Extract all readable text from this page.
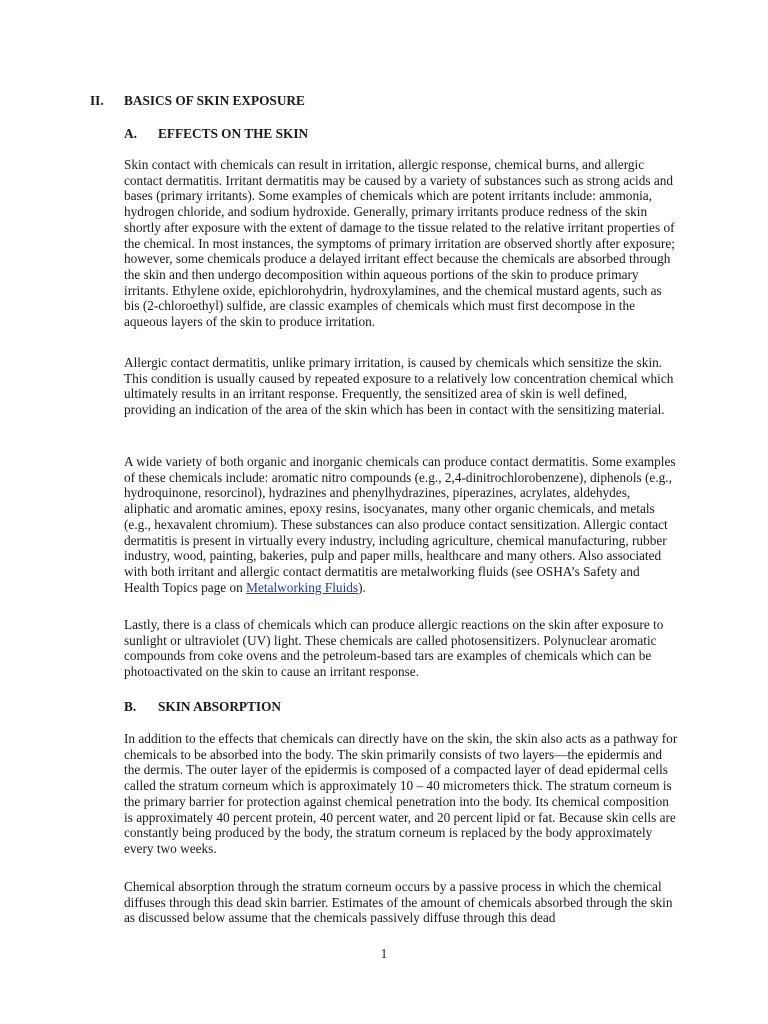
II. BASICS OF SKIN EXPOSURE
A. EFFECTS ON THE SKIN

Skin contact with chemicals can result in irritation, allergic response, chemical burns, and allergic contact dermatitis. Irritant dermatitis may be caused by a variety of substances such as strong acids and bases (primary irritants). Some examples of chemicals which are potent irritants include: ammonia, hydrogen chloride, and sodium hydroxide. Generally, primary irritants produce redness of the skin shortly after exposure with the extent of damage to the tissue related to the relative irritant properties of the chemical. In most instances, the symptoms of primary irritation are observed shortly after exposure; however, some chemicals produce a delayed irritant effect because the chemicals are absorbed through the skin and then undergo decomposition within aqueous portions of the skin to produce primary irritants. Ethylene oxide, epichlorohydrin, hydroxylamines, and the chemical mustard agents, such as bis (2-chloroethyl) sulfide, are classic examples of chemicals which must first decompose in the aqueous layers of the skin to produce irritation.

Allergic contact dermatitis, unlike primary irritation, is caused by chemicals which sensitize the skin. This condition is usually caused by repeated exposure to a relatively low concentration chemical which ultimately results in an irritant response. Frequently, the sensitized area of skin is well defined, providing an indication of the area of the skin which has been in contact with the sensitizing material.

A wide variety of both organic and inorganic chemicals can produce contact dermatitis. Some examples of these chemicals include: aromatic nitro compounds (e.g., 2,4-dinitrochlorobenzene), diphenols (e.g., hydroquinone, resorcinol), hydrazines and phenylhydrazines, piperazines, acrylates, aldehydes, aliphatic and aromatic amines, epoxy resins, isocyanates, many other organic chemicals, and metals (e.g., hexavalent chromium). These substances can also produce contact sensitization. Allergic contact dermatitis is present in virtually every industry, including agriculture, chemical manufacturing, rubber industry, wood, painting, bakeries, pulp and paper mills, healthcare and many others. Also associated with both irritant and allergic contact dermatitis are metalworking fluids (see OSHA’s Safety and Health Topics page on Metalworking Fluids).

Lastly, there is a class of chemicals which can produce allergic reactions on the skin after exposure to sunlight or ultraviolet (UV) light. These chemicals are called photosensitizers. Polynuclear aromatic compounds from coke ovens and the petroleum-based tars are examples of chemicals which can be photoactivated on the skin to cause an irritant response.

B. SKIN ABSORPTION

In addition to the effects that chemicals can directly have on the skin, the skin also acts as a pathway for chemicals to be absorbed into the body. The skin primarily consists of two layers—the epidermis and the dermis. The outer layer of the epidermis is composed of a compacted layer of dead epidermal cells called the stratum corneum which is approximately 10 – 40 micrometers thick. The stratum corneum is the primary barrier for protection against chemical penetration into the body. Its chemical composition is approximately 40 percent protein, 40 percent water, and 20 percent lipid or fat. Because skin cells are constantly being produced by the body, the stratum corneum is replaced by the body approximately every two weeks.

Chemical absorption through the stratum corneum occurs by a passive process in which the chemical diffuses through this dead skin barrier. Estimates of the amount of chemicals absorbed through the skin as discussed below assume that the chemicals passively diffuse through this dead

1
